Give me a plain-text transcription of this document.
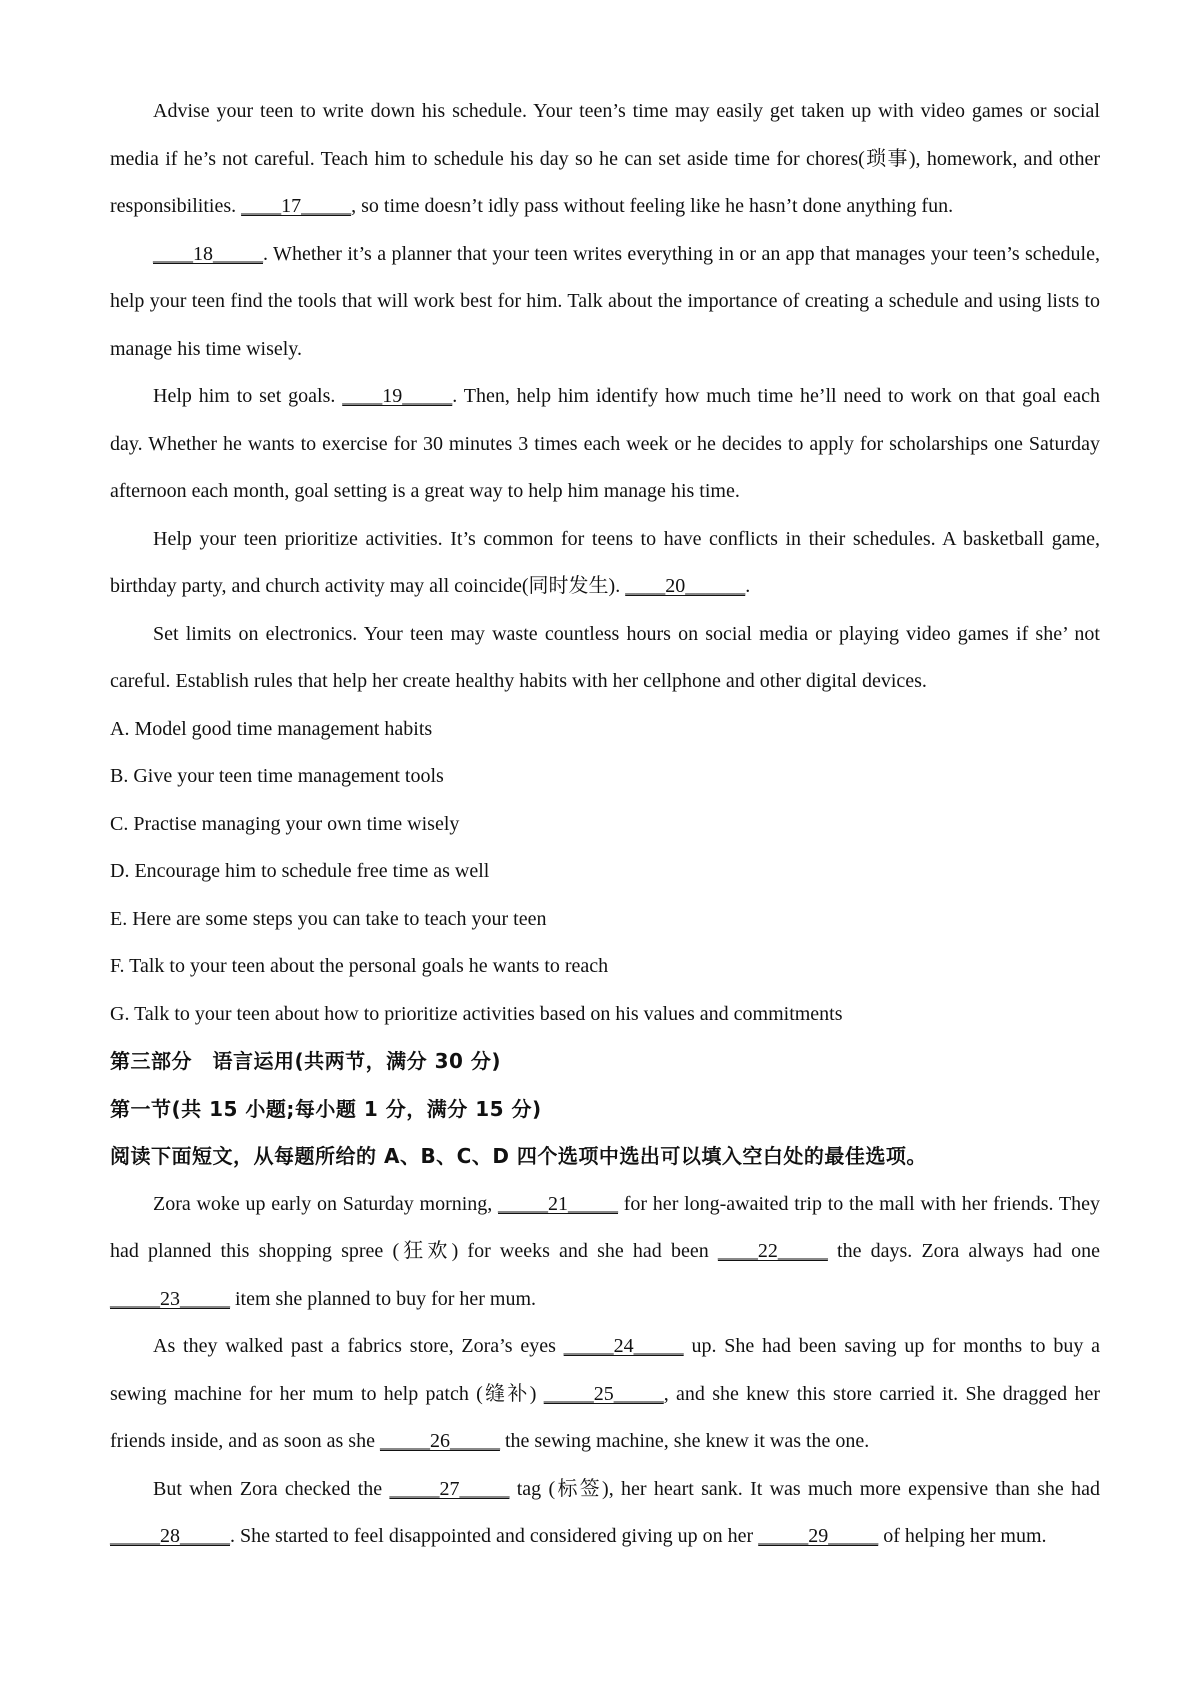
Advise your teen to write down his schedule. Your teen’s time may easily get taken up with video games or social media if he’s not careful. Teach him to schedule his day so he can set aside time for chores(琐事), homework, and other responsibilities. ____17_____, so time doesn’t idly pass without feeling like he hasn’t done anything fun.

____18_____. Whether it’s a planner that your teen writes everything in or an app that manages your teen’s schedule, help your teen find the tools that will work best for him. Talk about the importance of creating a schedule and using lists to manage his time wisely.

Help him to set goals. ____19_____. Then, help him identify how much time he’ll need to work on that goal each day. Whether he wants to exercise for 30 minutes 3 times each week or he decides to apply for scholarships one Saturday afternoon each month, goal setting is a great way to help him manage his time.

Help your teen prioritize activities. It’s common for teens to have conflicts in their schedules. A basketball game, birthday party, and church activity may all coincide(同时发生). ____20______.

Set limits on electronics. Your teen may waste countless hours on social media or playing video games if she’ not careful. Establish rules that help her create healthy habits with her cellphone and other digital devices.

A. Model good time management habits

B. Give your teen time management tools

C. Practise managing your own time wisely

D. Encourage him to schedule free time as well

E. Here are some steps you can take to teach your teen

F. Talk to your teen about the personal goals he wants to reach

G. Talk to your teen about how to prioritize activities based on his values and commitments

第三部分　语言运用(共两节，满分 30 分)

第一节(共 15 小题;每小题 1 分，满分 15 分)

阅读下面短文，从每题所给的 A、B、C、D 四个选项中选出可以填入空白处的最佳选项。

Zora woke up early on Saturday morning, _____21_____ for her long-awaited trip to the mall with her friends. They had planned this shopping spree (狂欢) for weeks and she had been ____22_____ the days. Zora always had one _____23_____ item she planned to buy for her mum.

As they walked past a fabrics store, Zora’s eyes _____24_____ up. She had been saving up for months to buy a sewing machine for her mum to help patch (缝补) _____25_____, and she knew this store carried it. She dragged her friends inside, and as soon as she _____26_____ the sewing machine, she knew it was the one.

But when Zora checked the _____27_____ tag (标签), her heart sank. It was much more expensive than she had _____28_____. She started to feel disappointed and considered giving up on her _____29_____ of helping her mum.
